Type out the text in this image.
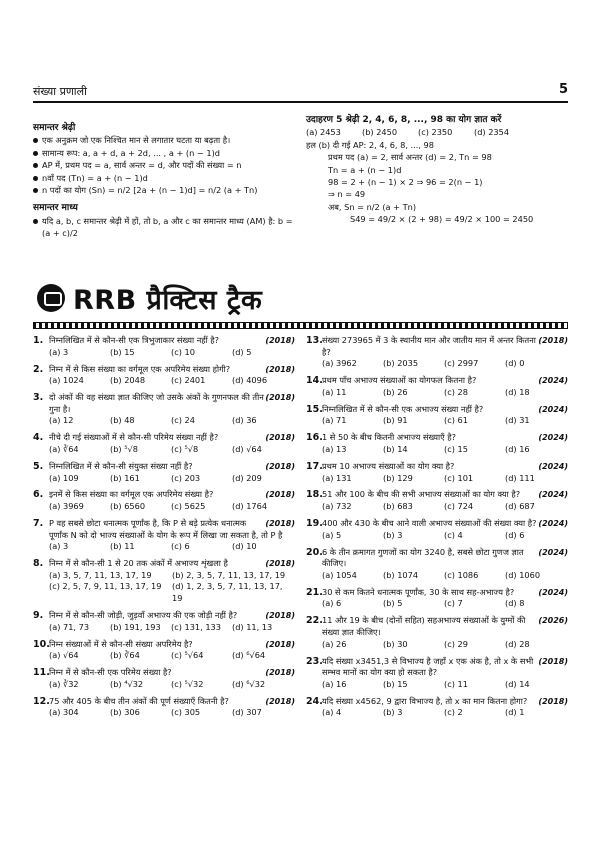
संख्या प्रणाली	5
समान्तर श्रेढ़ी
एक अनुक्रम जो एक निश्चित मान से लगातार घटता या बढ़ता है।
सामान्य रूप: a, a + d, a + 2d, ... , a + (n − 1)d
AP में, प्रथम पद = a, सार्व अन्तर = d, और पदों की संख्या = n
nवाँ पद (Tn) = a + (n − 1)d
n पदों का योग (Sn) = n/2 [2a + (n − 1)d] = n/2 (a + Tn)
समान्तर माध्य
यदि a, b, c समान्तर श्रेढ़ी में हों, तो b, a और c का समान्तर माध्य (AM) है: b = (a + c)/2
उदाहरण 5 श्रेढ़ी 2, 4, 6, 8, ..., 98 का योग ज्ञात करें
(a) 2453	(b) 2450	(c) 2350	(d) 2354
हल (b) दी गई AP: 2, 4, 6, 8, ..., 98
प्रथम पद (a) = 2, सार्व अन्तर (d) = 2, Tn = 98
Tn = a + (n − 1)d
98 = 2 + (n − 1) × 2 ⇒ 96 = 2(n − 1)
⇒ n = 49
अब, Sn = n/2 (a + Tn)
S49 = 49/2 × (2 + 98) = 49/2 × 100 = 2450
RRB प्रैक्टिस ट्रैक
1.	(2018)
निम्नलिखित में से कौन-सी एक त्रिभुजाकार संख्या नहीं है?
(a) 3	(b) 15	(c) 10	(d) 5
2.	(2018)
निम्न में से किस संख्या का वर्गमूल एक अपरिमेय संख्या होगी?
(a) 1024	(b) 2048	(c) 2401	(d) 4096
3.	(2018)
दो अंकों की वह संख्या ज्ञात कीजिए जो उसके अंकों के गुणनफल की तीन गुना है।
(a) 12	(b) 48	(c) 24	(d) 36
4.	(2018)
नीचे दी गई संख्याओं में से कौन-सी परिमेय संख्या नहीं है?
(a) ∛64	(b) ⁵√8	(c) ⁵√8	(d) √64
5.	(2018)
निम्नलिखित में से कौन-सी संयुक्त संख्या नहीं है?
(a) 109	(b) 161	(c) 203	(d) 209
6.	(2018)
इनमें से किस संख्या का वर्गमूल एक अपरिमेय संख्या है?
(a) 3969	(b) 6560	(c) 5625	(d) 1764
7.	(2018)
P वह सबसे छोटा धनात्मक पूर्णांक है, कि P से बड़े प्रत्येक धनात्मक पूर्णांक N को दो भाज्य संख्याओं के योग के रूप में लिखा जा सकता है, तो P है
(a) 3	(b) 11	(c) 6	(d) 10
8.	(2018)
निम्न में से कौन-सी 1 से 20 तक अंकों में अभाज्य शृंखला है
(a) 3, 5, 7, 11, 13, 17, 19	(b) 2, 3, 5, 7, 11, 13, 17, 19
(c) 2, 5, 7, 9, 11, 13, 17, 19	(d) 1, 2, 3, 5, 7, 11, 13, 17, 19
9.	(2018)
निम्न में से कौन-सी जोड़ी, जुड़वाँ अभाज्य की एक जोड़ी नहीं है?
(a) 71, 73	(b) 191, 193	(c) 131, 133	(d) 11, 13
10.	(2018)
निम्न संख्याओं में से कौन-सी संख्या अपरिमेय है?
(a) √64	(b) ∛64	(c) ⁵√64	(d) ⁶√64
11.	(2018)
निम्न में से कौन-सी एक परिमेय संख्या है?
(a) ∛32	(b) ⁴√32	(c) ⁵√32	(d) ⁶√32
12.	(2018)
75 और 405 के बीच तीन अंकों की पूर्ण संख्याएँ कितनी है?
(a) 304	(b) 306	(c) 305	(d) 307
13.	(2018)
संख्या 273965 में 3 के स्थानीय मान और जातीय मान में अन्तर कितना है?
(a) 3962	(b) 2035	(c) 2997	(d) 0
14.	(2024)
प्रथम पाँच अभाज्य संख्याओं का योगफल कितना है?
(a) 11	(b) 26	(c) 28	(d) 18
15.	(2024)
निम्नलिखित में से कौन-सी एक अभाज्य संख्या नहीं है?
(a) 71	(b) 91	(c) 61	(d) 31
16.	(2024)
1 से 50 के बीच कितनी अभाज्य संख्याएँ है?
(a) 13	(b) 14	(c) 15	(d) 16
17.	(2024)
प्रथम 10 अभाज्य संख्याओं का योग क्या है?
(a) 131	(b) 129	(c) 101	(d) 111
18.	(2024)
51 और 100 के बीच की सभी अभाज्य संख्याओं का योग क्या है?
(a) 732	(b) 683	(c) 724	(d) 687
19.	(2024)
400 और 430 के बीच आने वाली अभाज्य संख्याओं की संख्या क्या है?
(a) 5	(b) 3	(c) 4	(d) 6
20.	(2024)
6 के तीन क्रमागत गुणजों का योग 3240 है, सबसे छोटा गुणज ज्ञात कीजिए।
(a) 1054	(b) 1074	(c) 1086	(d) 1060
21.	(2024)
30 से कम कितने धनात्मक पूर्णांक, 30 के साथ सह-अभाज्य है?
(a) 6	(b) 5	(c) 7	(d) 8
22.	(2026)
11 और 19 के बीच (दोनों सहित) सहअभाज्य संख्याओं के युग्मों की संख्या ज्ञात कीजिए।
(a) 26	(b) 30	(c) 29	(d) 28
23.	(2018)
यदि संख्या x3451,3 से विभाज्य है जहाँ x एक अंक है, तो x के सभी सम्भव मानों का योग क्या हो सकता है?
(a) 16	(b) 15	(c) 11	(d) 14
24.	(2018)
यदि संख्या x4562, 9 द्वारा विभाज्य है, तो x का मान कितना होगा?
(a) 4	(b) 3	(c) 2	(d) 1
